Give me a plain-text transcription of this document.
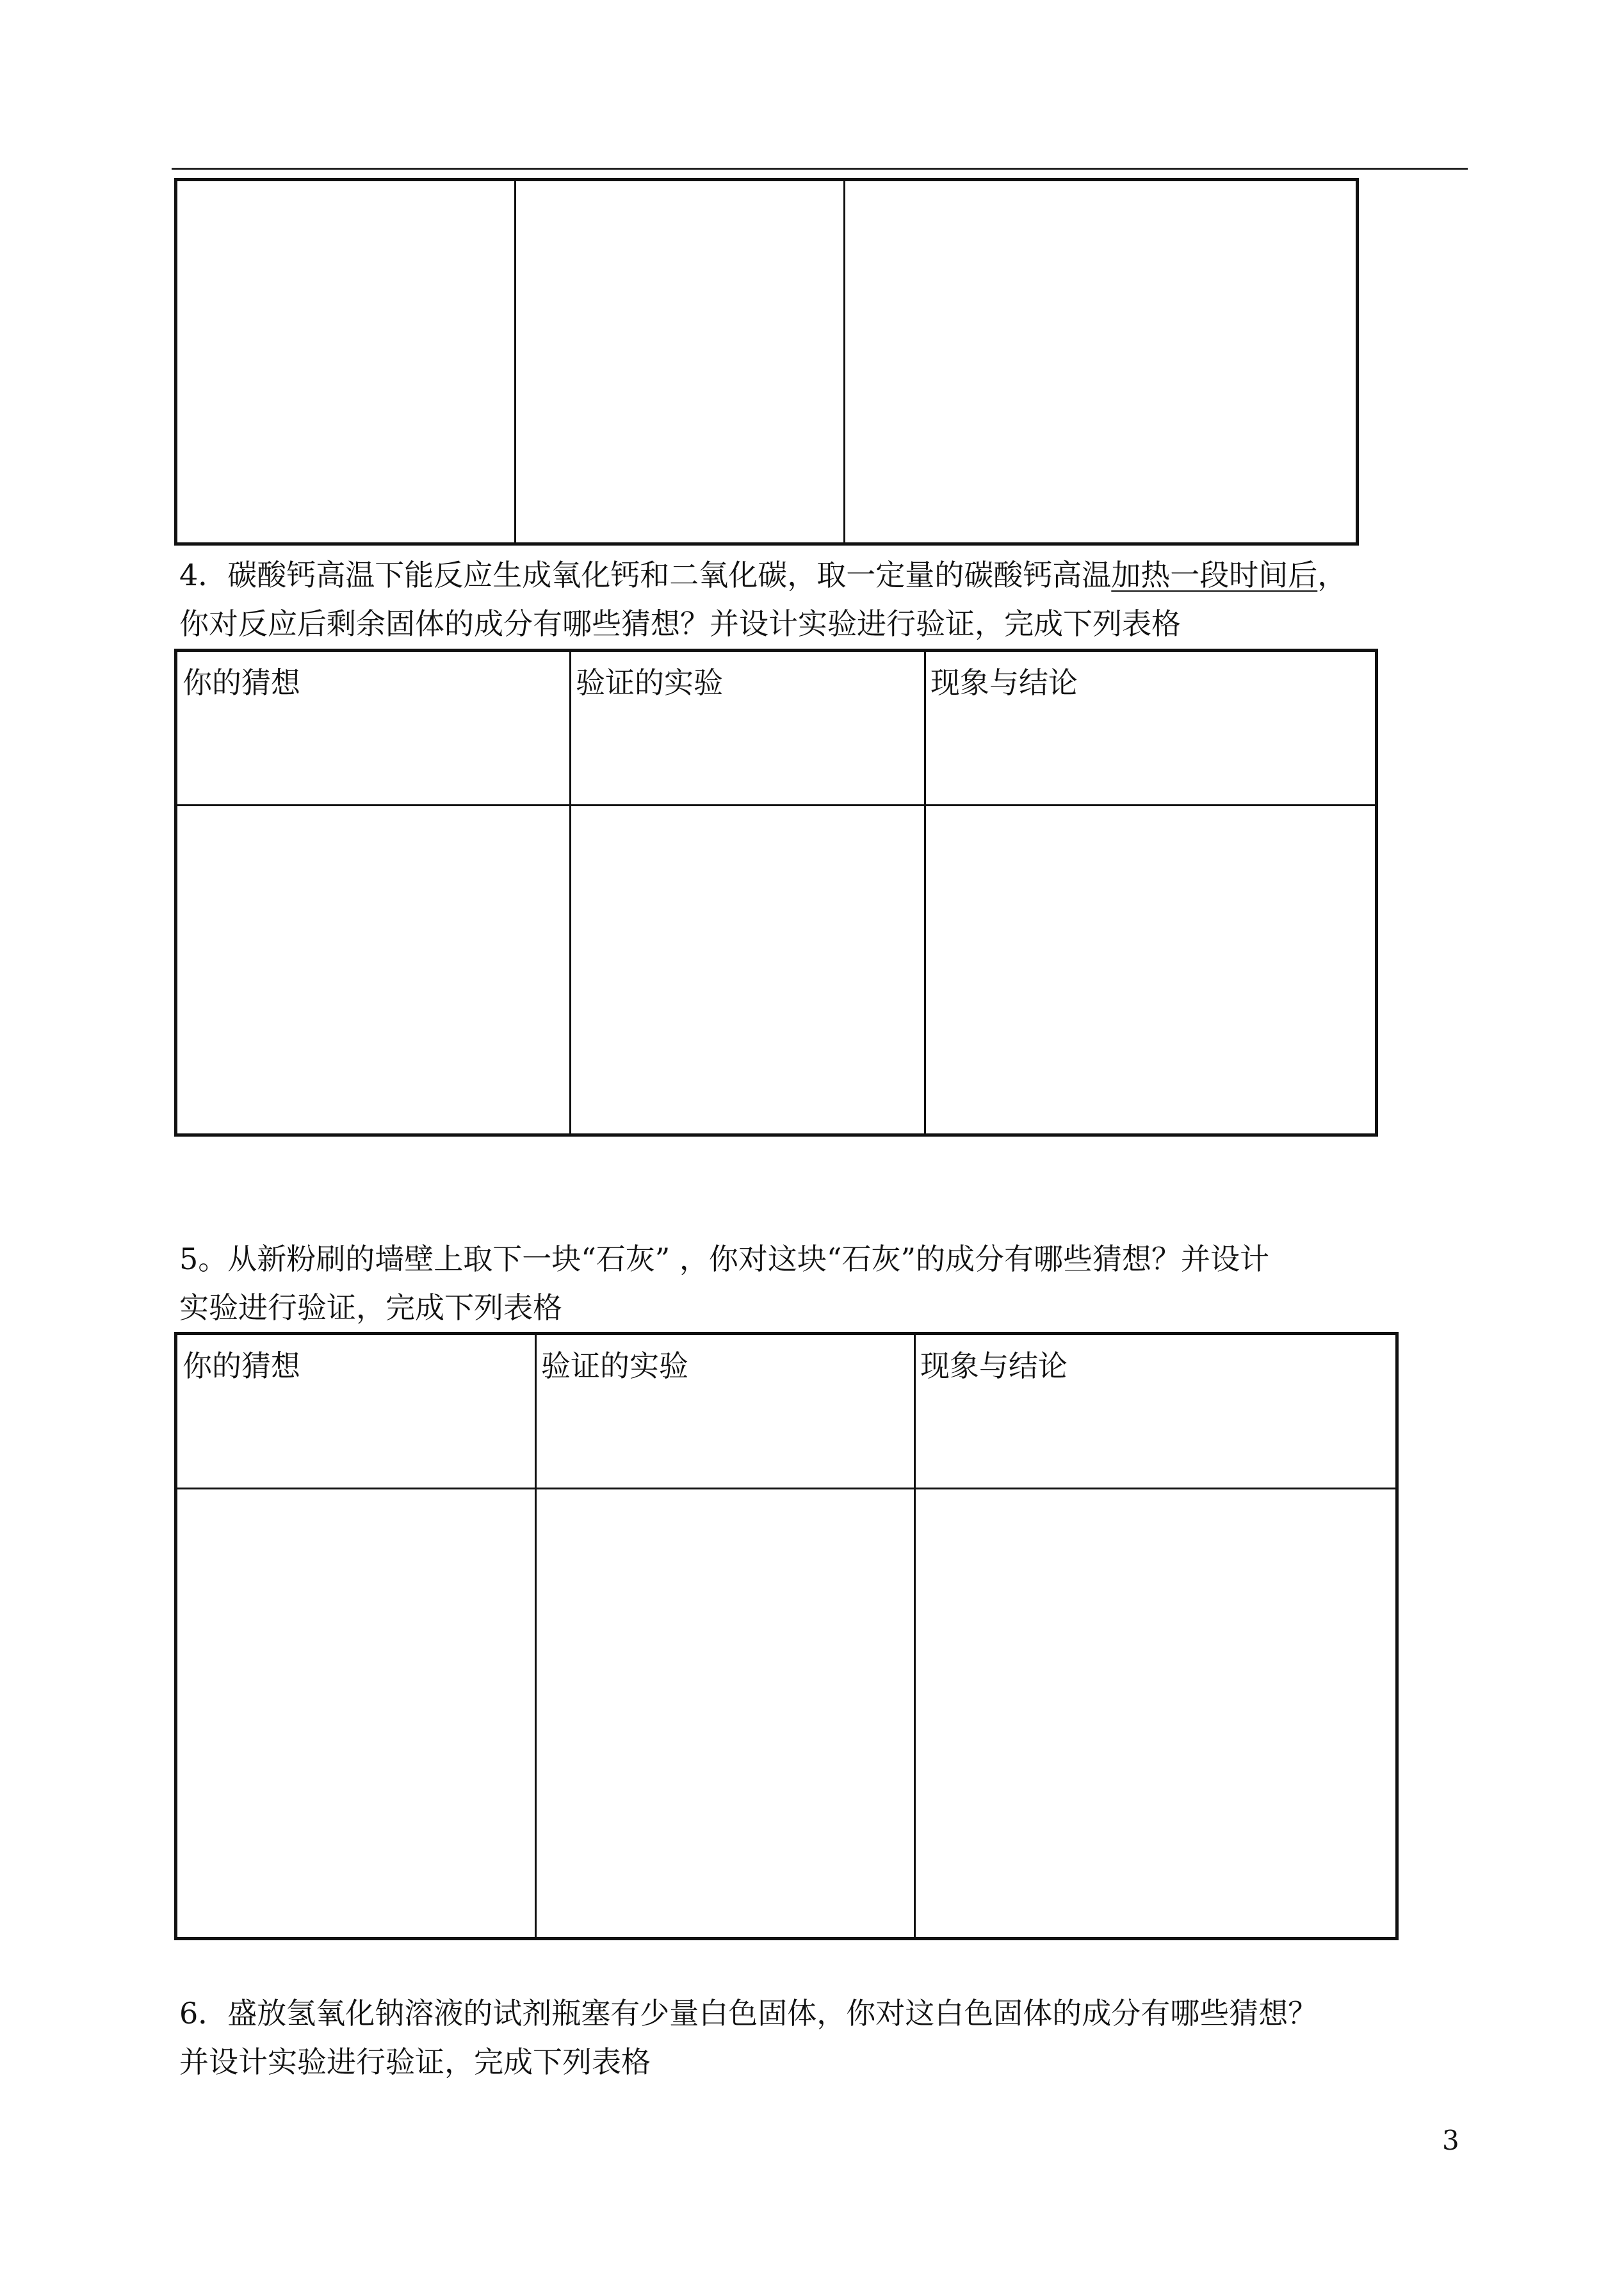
4．碳酸钙高温下能反应生成氧化钙和二氧化碳，取一定量的碳酸钙高温加热一段时间后，

你对反应后剩余固体的成分有哪些猜想？并设计实验进行验证，完成下列表格

你的猜想	验证的实验	现象与结论

5。从新粉刷的墙壁上取下一块“石灰” ，你对这块“石灰”的成分有哪些猜想？并设计

实验进行验证，完成下列表格

你的猜想	验证的实验	现象与结论

6．盛放氢氧化钠溶液的试剂瓶塞有少量白色固体，你对这白色固体的成分有哪些猜想？

并设计实验进行验证，完成下列表格

3
